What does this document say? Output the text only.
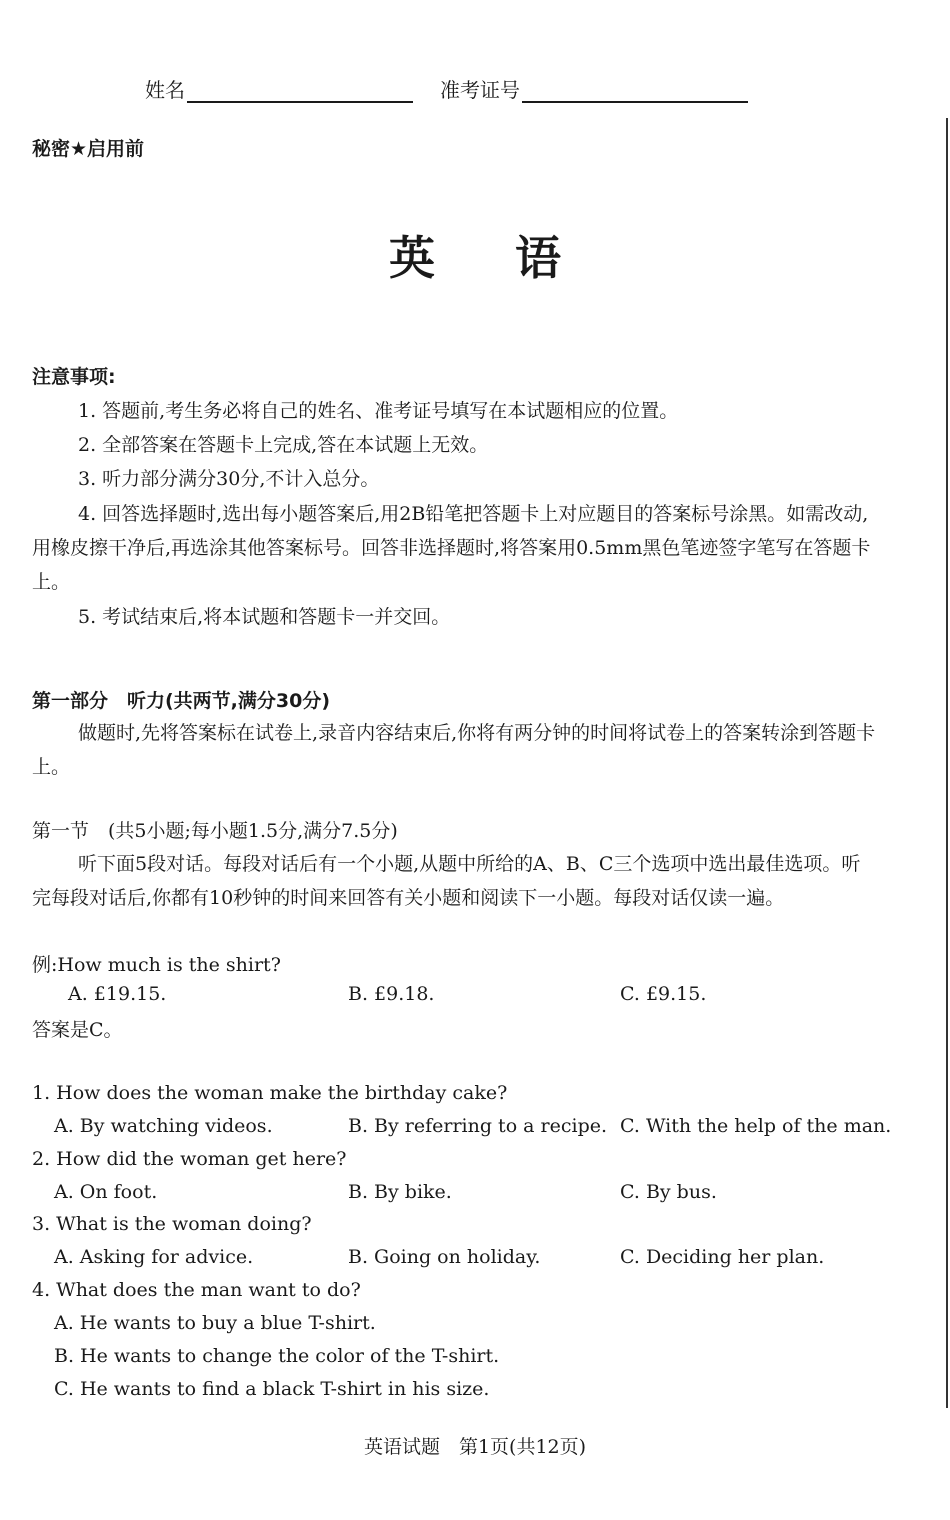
姓名	准考证号
秘密★启用前
英语
注意事项:
1. 答题前,考生务必将自己的姓名、准考证号填写在本试题相应的位置。
2. 全部答案在答题卡上完成,答在本试题上无效。
3. 听力部分满分30分,不计入总分。
4. 回答选择题时,选出每小题答案后,用2B铅笔把答题卡上对应题目的答案标号涂黑。如需改动,用橡皮擦干净后,再选涂其他答案标号。回答非选择题时,将答案用0.5mm黑色笔迹签字笔写在答题卡上。
5. 考试结束后,将本试题和答题卡一并交回。
第一部分　听力(共两节,满分30分)
做题时,先将答案标在试卷上,录音内容结束后,你将有两分钟的时间将试卷上的答案转涂到答题卡上。
第一节　(共5小题;每小题1.5分,满分7.5分)
听下面5段对话。每段对话后有一个小题,从题中所给的A、B、C三个选项中选出最佳选项。听完每段对话后,你都有10秒钟的时间来回答有关小题和阅读下一小题。每段对话仅读一遍。
例:How much is the shirt?
A. £19.15.	B. £9.18.	C. £9.15.
答案是C。
1. How does the woman make the birthday cake?
A. By watching videos.	B. By referring to a recipe. C. With the help of the man.
2. How did the woman get here?
A. On foot.	B. By bike.	C. By bus.
3. What is the woman doing?
A. Asking for advice.	B. Going on holiday.	C. Deciding her plan.
4. What does the man want to do?
A. He wants to buy a blue T-shirt.
B. He wants to change the color of the T-shirt.
C. He wants to find a black T-shirt in his size.
英语试题　第1页(共12页)
